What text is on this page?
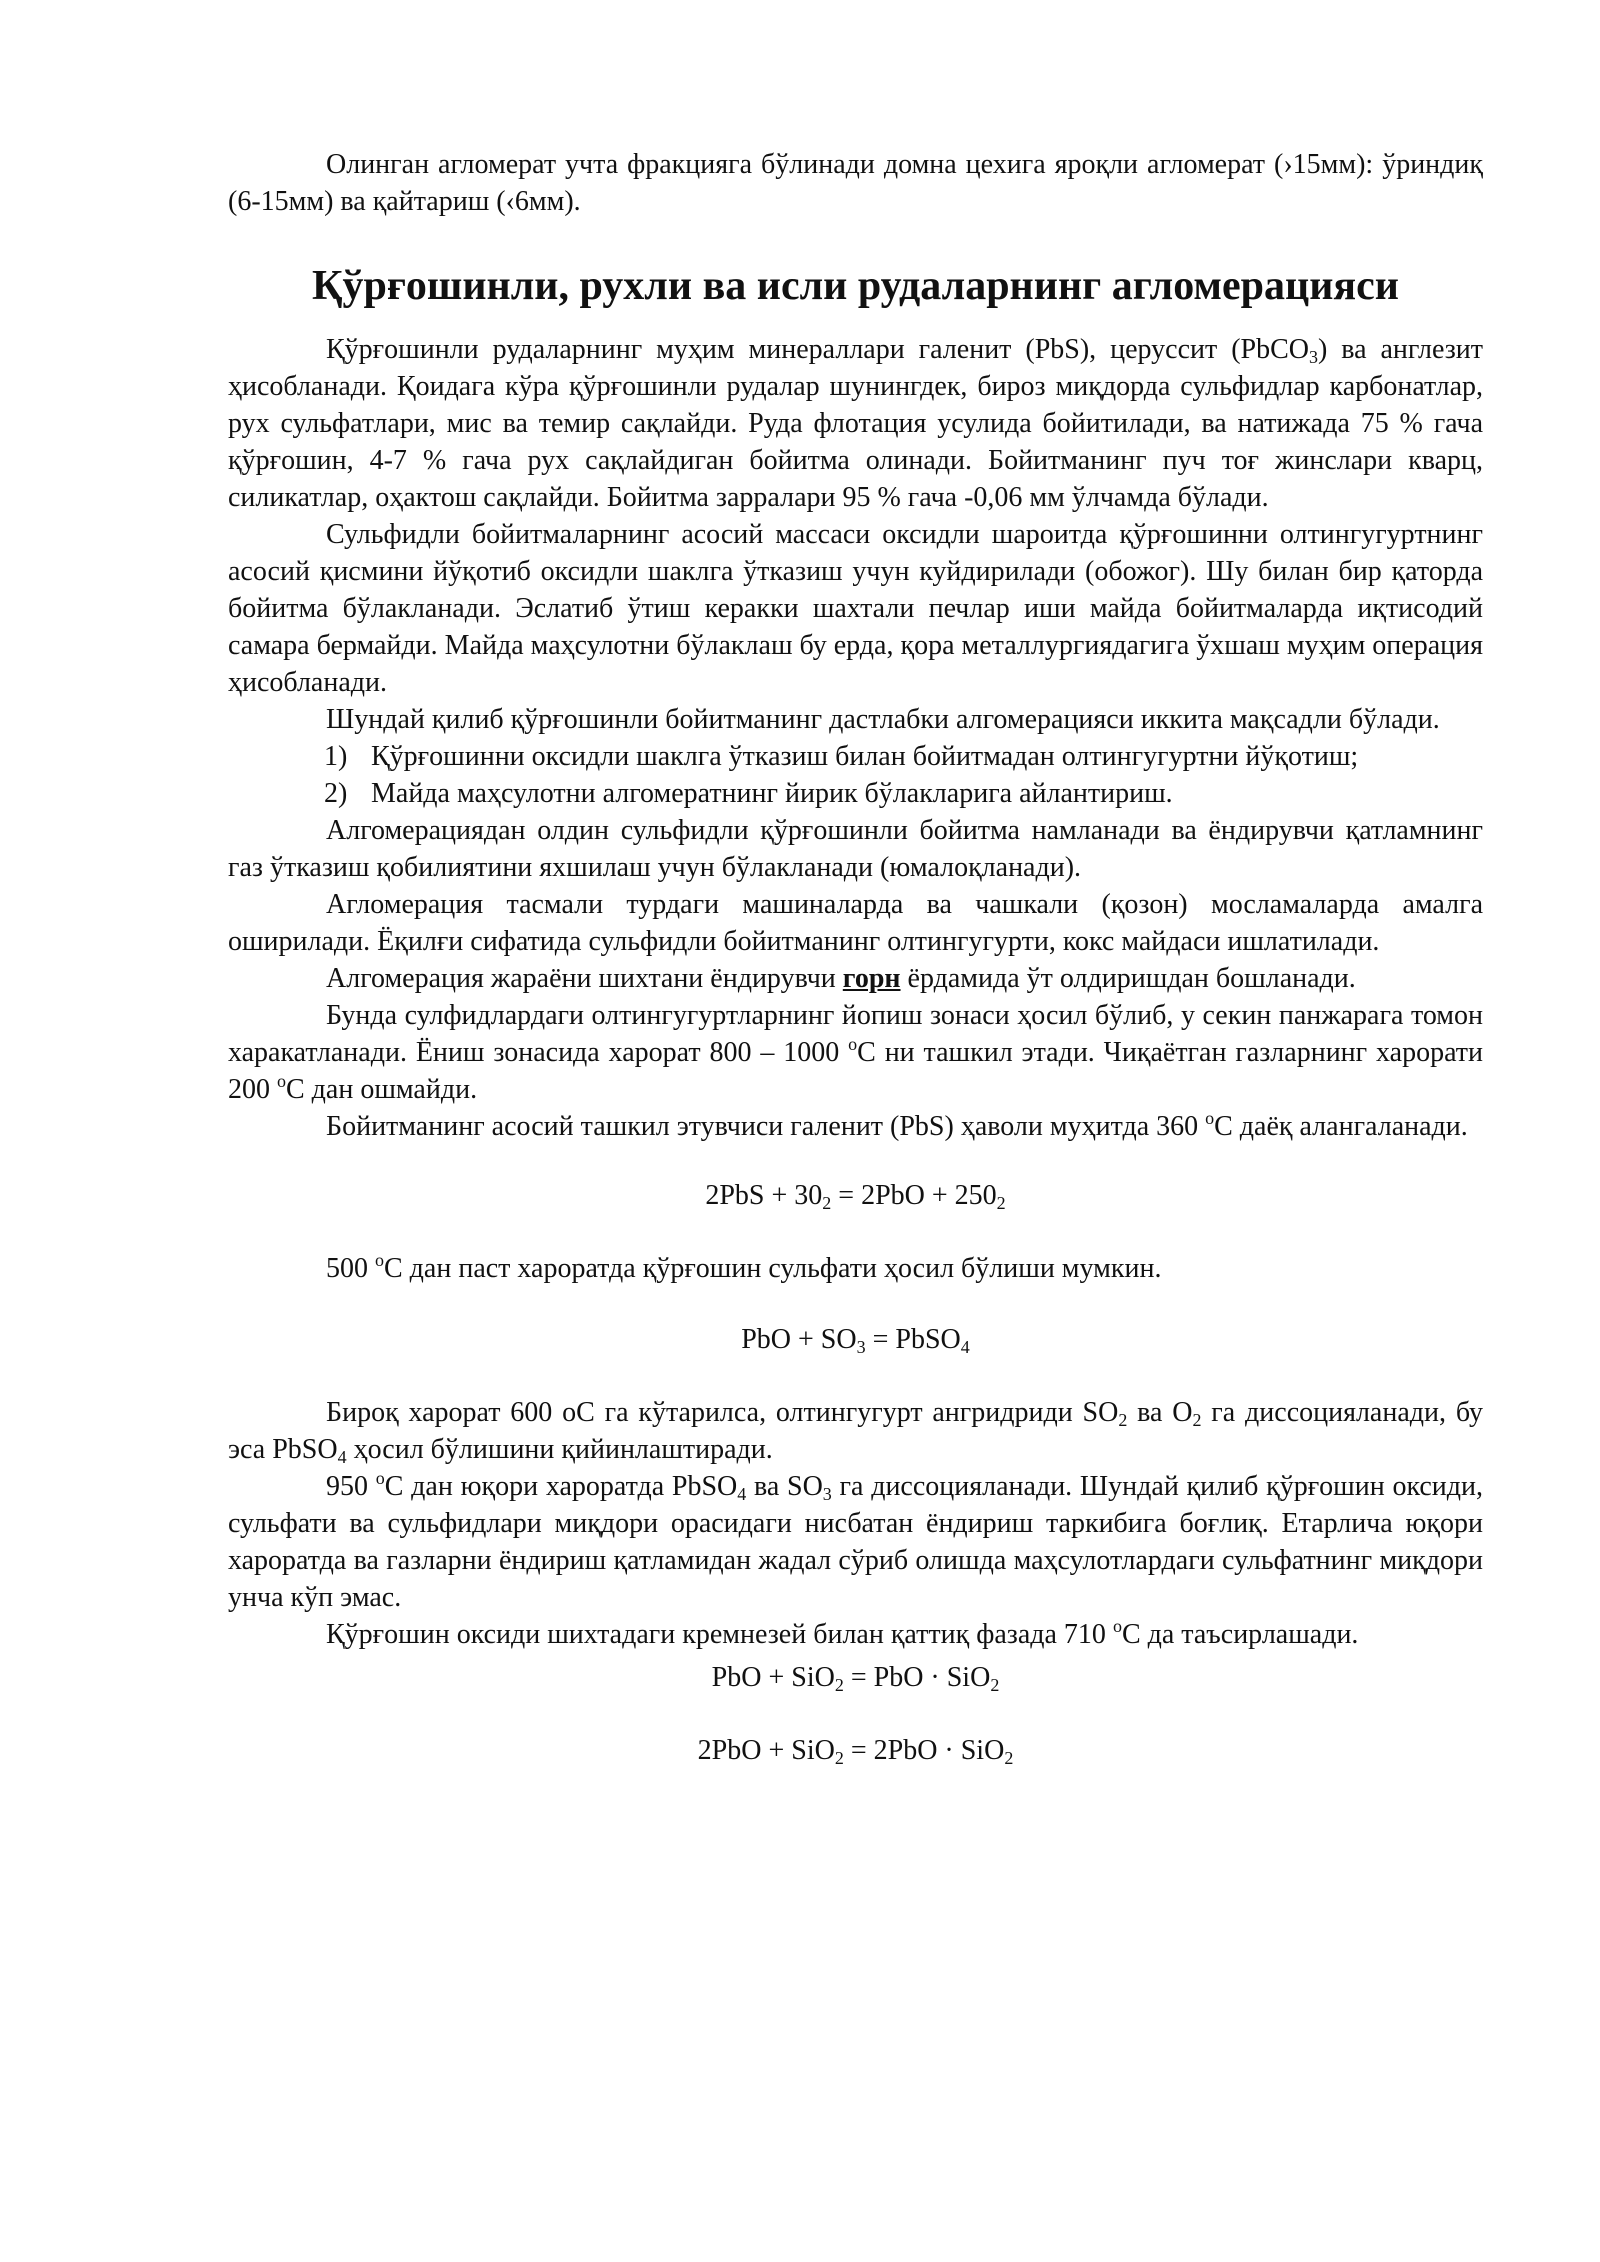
Олинган агломерат учта фракцияга бўлинади домна цехига яроқли агломерат (›15мм): ўриндиқ (6-15мм) ва қайтариш (‹6мм).

Қўрғошинли, рухли ва исли рудаларнинг агломерацияси

Қўрғошинли рудаларнинг муҳим минераллари галенит (PbS), церуссит (PbCO$_3$) ва англезит ҳисобланади. Қоидага кўра қўрғошинли рудалар шунингдек, бироз миқдорда сульфидлар карбонатлар, рух сульфатлари, мис ва темир сақлайди. Руда флотация усулида бойитилади, ва натижада 75 % гача қўрғошин, 4-7 % гача рух сақлайдиган бойитма олинади. Бойитманинг пуч тоғ жинслари кварц, силикатлар, оҳактош сақлайди. Бойитма зарралари 95 % гача -0,06 мм ўлчамда бўлади.

Сульфидли бойитмаларнинг асосий массаси оксидли шароитда қўрғошинни олтингугуртнинг асосий қисмини йўқотиб оксидли шаклга ўтказиш учун куйдирилади (обожог). Шу билан бир қаторда бойитма бўлакланади. Эслатиб ўтиш керакки шахтали печлар иши майда бойитмаларда иқтисодий самара бермайди. Майда маҳсулотни бўлаклаш бу ерда, қора металлургиядагига ўхшаш муҳим операция ҳисобланади.

Шундай қилиб қўрғошинли бойитманинг дастлабки алгомерацияси иккита мақсадли бўлади.

1) Қўрғошинни оксидли шаклга ўтказиш билан бойитмадан олтингугуртни йўқотиш;
2) Майда маҳсулотни алгомератнинг йирик бўлакларига айлантириш.

Алгомерациядан олдин сульфидли қўрғошинли бойитма намланади ва ёндирувчи қатламнинг газ ўтказиш қобилиятини яхшилаш учун бўлакланади (юмалоқланади).

Агломерация тасмали турдаги машиналарда ва чашкали (қозон) мосламаларда амалга оширилади. Ёқилғи сифатида сульфидли бойитманинг олтингугурти, кокс майдаси ишлатилади.

Алгомерация жараёни шихтани ёндирувчи горн ёрдамида ўт олдиришдан бошланади.

Бунда сулфидлардаги олтингугуртларнинг йопиш зонаси ҳосил бўлиб, у секин панжарага томон харакатланади. Ёниш зонасида харорат 800 – 1000 $^o$С ни ташкил этади. Чиқаётган газларнинг харорати 200 $^o$С дан ошмайди.

Бойитманинг асосий ташкил этувчиси галенит (PbS) ҳаволи муҳитда 360 $^o$С даёқ алангаланади.

$2PbS + 30_2 = 2PbO + 250_2$

500 $^o$С дан паст хароратда қўрғошин сульфати ҳосил бўлиши мумкин.

PbO + $SO_3$ = PbSO$_4$

Бироқ харорат 600 оС га кўтарилса, олтингугурт ангридриди $SO_2$ ва $O_2$ га диссоцияланади, бу эса PbSO$_4$ ҳосил бўлишини қийинлаштиради.

950 $^o$С дан юқори хароратда PbSO$_4$ ва $SO_3$ га диссоцияланади. Шундай қилиб қўрғошин оксиди, сульфати ва сульфидлари миқдори орасидаги нисбатан ёндириш таркибига боғлиқ. Етарлича юқори хароратда ва газларни ёндириш қатламидан жадал сўриб олишда маҳсулотлардаги сульфатнинг миқдори унча кўп эмас.

Қўрғошин оксиди шихтадаги кремнезей билан қаттиқ фазада 710 $^o$С да таъсирлашади.

PbO + SiO$_2$ = PbO · SiO$_2$

2PbO + SiO$_2$ = 2PbO · SiO$_2$
